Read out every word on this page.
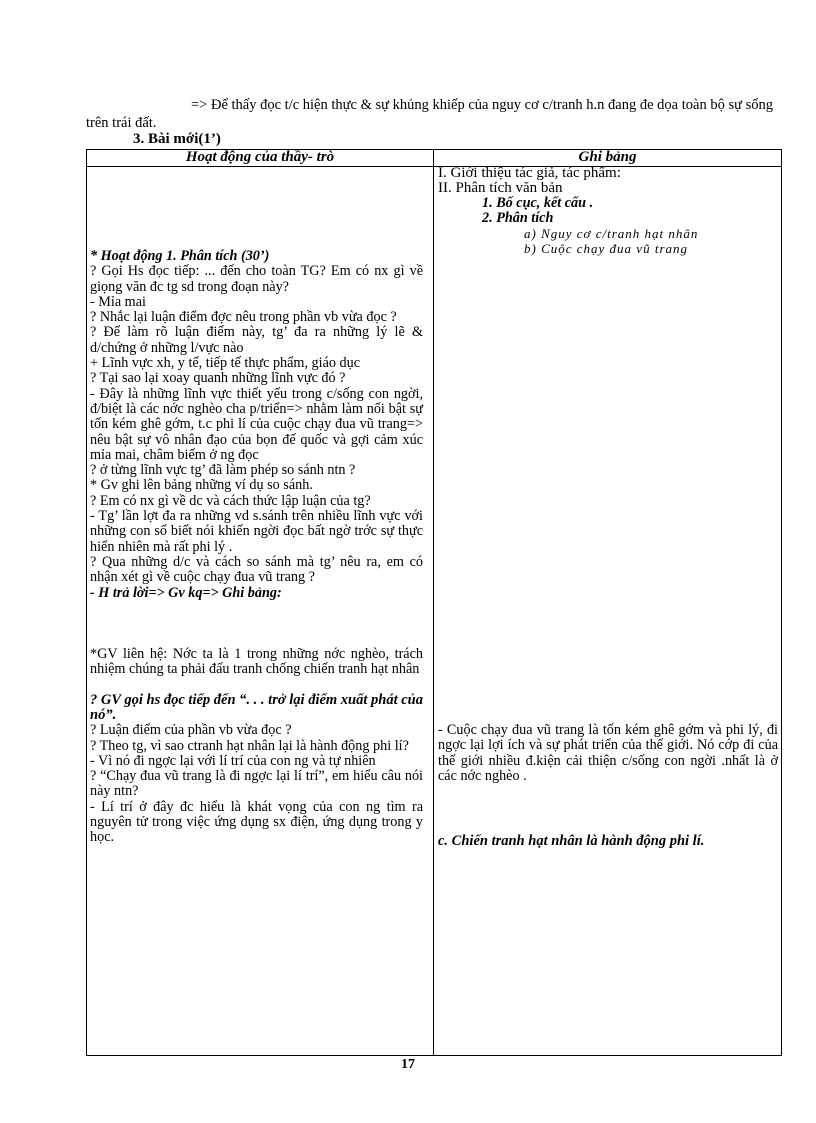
=> Để thấy đọc t/c hiện thực & sự khủng khiếp của nguy cơ c/tranh h.n đang đe dọa toàn bộ sự sống trên trái đất.

3. Bài mới(1’)

Hoạt động của thầy- trò	Ghi bảng

I. Giới thiệu tác giả, tác phẩm:

II. Phân tích văn bản

1. Bố cục, kết cấu .

2. Phân tích

a) Nguy cơ c/tranh hạt nhân

b) Cuộc chạy đua vũ trang

- Cuộc chạy đua vũ trang là tốn kém ghê gớm và phi lý, đi ngợc lại lợi ích và sự phát triển của thế giới. Nó cớp đi của thế giới nhiều đ.kiện cải thiện c/sống con ngời .nhất là ở các nớc nghèo .

c. Chiến tranh hạt nhân là hành động phi lí.

* Hoạt động 1. Phân tích (30’)

? Gọi Hs đọc tiếp: ... đến cho toàn TG? Em có nx gì về giọng văn đc tg sd trong đoạn này?

- Mỉa mai

? Nhắc lại luận điểm đợc nêu trong phần vb vừa đọc ?

? Để làm rõ luận điểm này, tg’ đa ra những lý lẽ & d/chứng ở những l/vực nào

+ Lĩnh vực xh, y tế, tiếp tế thực phẩm, giáo dục

? Tại sao lại xoay quanh những lĩnh vực đó ?

- Đây là những lĩnh vực thiết yếu trong c/sống con ngời, đ/biệt là các nớc nghèo cha p/triển=> nhằm làm nổi bật sự tốn kém ghê gớm, t.c phi lí của cuộc chạy đua vũ trang=> nêu bật sự vô nhân đạo của bọn đế quốc và gợi cảm xúc mỉa mai, châm biếm ở ng đọc

? ở từng lĩnh vực tg’ đã làm phép so sánh ntn ?

* Gv ghi lên bảng những ví dụ so sánh.

? Em có nx gì về dc và cách thức lập luận của tg?

- Tg’ lần lợt đa ra những vd s.sánh trên nhiều lĩnh vực với những con số biết nói khiến ngời đọc bất ngờ trớc sự thực hiển nhiên mà rất phi lý .

? Qua những d/c và cách so sánh mà tg’ nêu ra, em có nhận xét gì về cuộc chạy đua vũ trang ?

- H trả lời=> Gv kq=> Ghi bảng:

*GV liên hệ: Nớc ta là 1 trong những nớc nghèo, trách nhiệm chúng ta phải đấu tranh chống chiến tranh hạt nhân

? GV gọi hs đọc tiếp đến “. . . trở lại điểm xuất phát của nó”.

? Luận điểm của phần vb vừa đọc ?

? Theo tg, vì sao ctranh hạt nhân lại là hành động phi lí?

- Vì nó đi ngợc lại với lí trí của con ng và tự nhiên

? “Chạy đua vũ trang là đi ngợc lại lí trí”, em hiểu câu nói này ntn?

- Lí trí ở đây đc hiểu là khát vọng của con ng tìm ra nguyên tử trong việc ứng dụng sx điện, ứng dụng trong y học.

17
